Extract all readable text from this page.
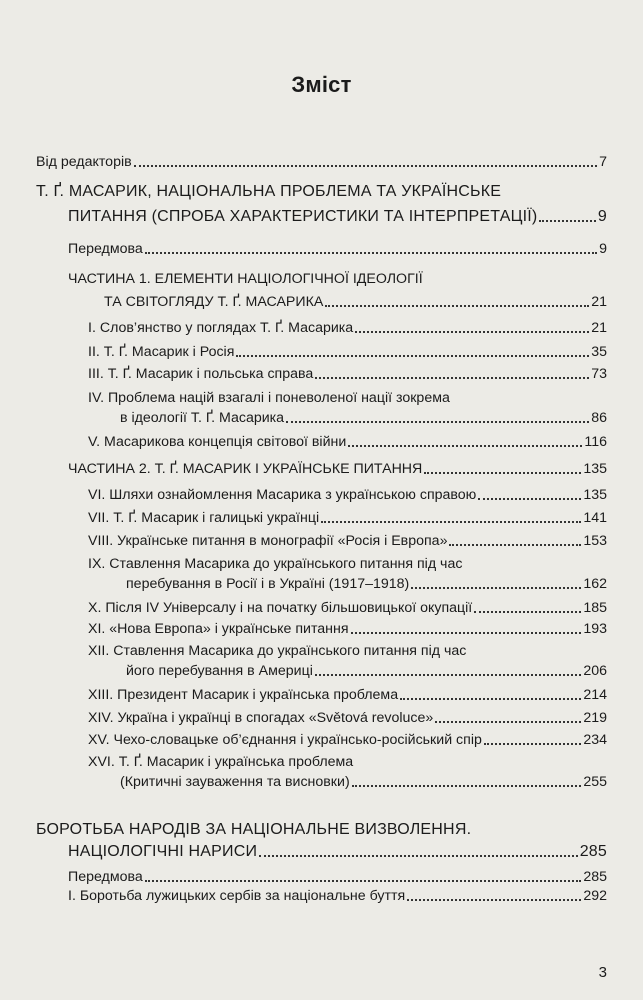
Зміст
Від редакторів	7
Т. Ґ. МАСАРИК, НАЦІОНАЛЬНА ПРОБЛЕМА ТА УКРАЇНСЬКЕ
ПИТАННЯ (СПРОБА ХАРАКТЕРИСТИКИ ТА ІНТЕРПРЕТАЦІЇ)	9
Передмова	9
ЧАСТИНА 1. ЕЛЕМЕНТИ НАЦІОЛОГІЧНОЇ ІДЕОЛОГІЇ
ТА СВІТОГЛЯДУ Т. Ґ. МАСАРИКА	21
I. Слов’янство у поглядах Т. Ґ. Масарика	21
II. Т. Ґ. Масарик і Росія	35
III. Т. Ґ. Масарик і польська справа	73
IV. Проблема націй взагалі і поневоленої нації зокрема
в ідеології Т. Ґ. Масарика	86
V. Масарикова концепція світової війни	116
ЧАСТИНА 2. Т. Ґ. МАСАРИК І УКРАЇНСЬКЕ ПИТАННЯ	135
VI. Шляхи ознайомлення Масарика з українською справою	135
VII. Т. Ґ. Масарик і галицькі українці	141
VIII. Українське питання в монографії «Росія і Европа»	153
IX. Ставлення Масарика до українського питання під час
перебування в Росії і в Україні (1917–1918)	162
X. Після IV Універсалу і на початку більшовицької окупації	185
XI. «Нова Европа» і українське питання	193
XII. Ставлення Масарика до українського питання під час
його перебування в Америці	206
XIII. Президент Масарик і українська проблема	214
XIV. Україна і українці в спогадах «Světová revoluce»	219
XV. Чехо-словацьке об’єднання і українсько-російський спір	234
XVI. Т. Ґ. Масарик і українська проблема
(Критичні зауваження та висновки)	255
БОРОТЬБА НАРОДІВ ЗА НАЦІОНАЛЬНЕ ВИЗВОЛЕННЯ.
НАЦІОЛОГІЧНІ НАРИСИ	285
Передмова	285
I. Боротьба лужицьких сербів за національне буття	292
3
